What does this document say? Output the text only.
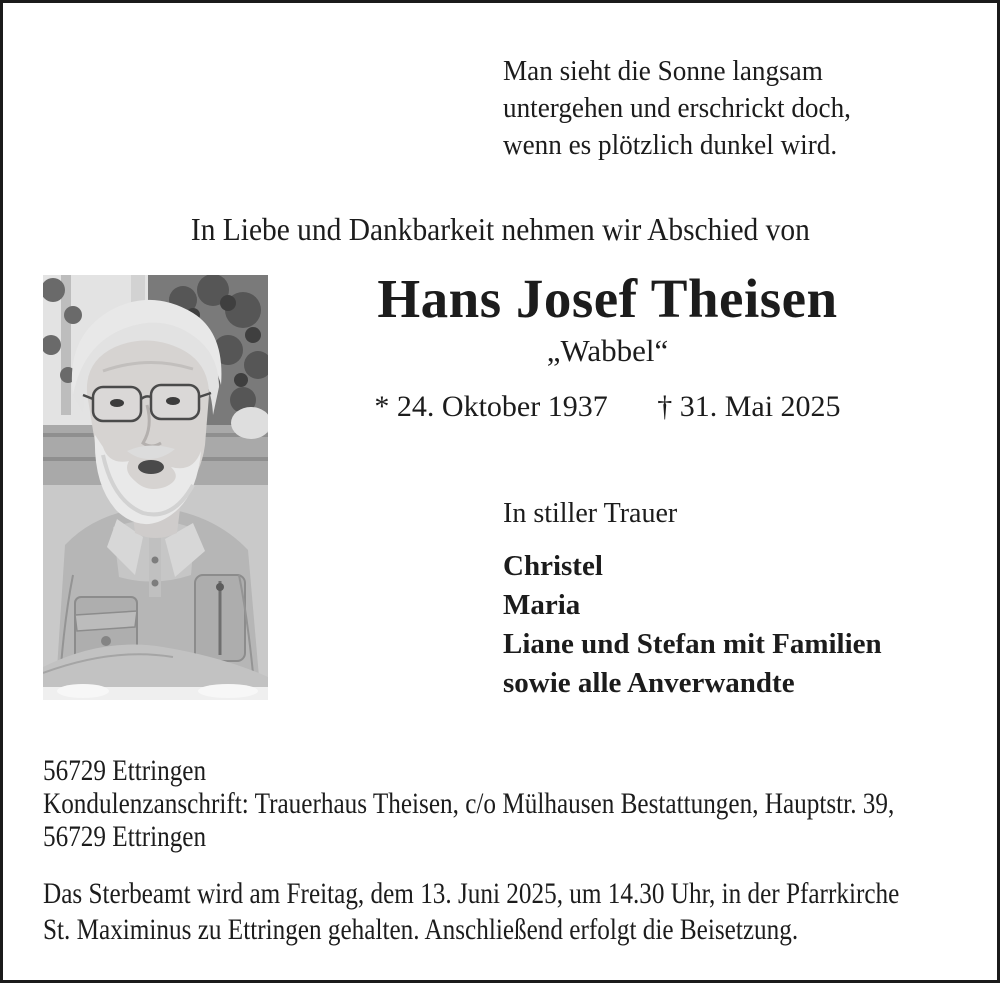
Man sieht die Sonne langsam
untergehen und erschrickt doch,
wenn es plötzlich dunkel wird.
In Liebe und Dankbarkeit nehmen wir Abschied von
Hans Josef Theisen
„Wabbel“
* 24. Oktober 1937 † 31. Mai 2025
In stiller Trauer
Christel
Maria
Liane und Stefan mit Familien
sowie alle Anverwandte
56729 Ettringen
Kondulenzanschrift: Trauerhaus Theisen, c/o Mülhausen Bestattungen, Hauptstr. 39,
56729 Ettringen
Das Sterbeamt wird am Freitag, dem 13. Juni 2025, um 14.30 Uhr, in der Pfarrkirche
St. Maximinus zu Ettringen gehalten. Anschließend erfolgt die Beisetzung.
